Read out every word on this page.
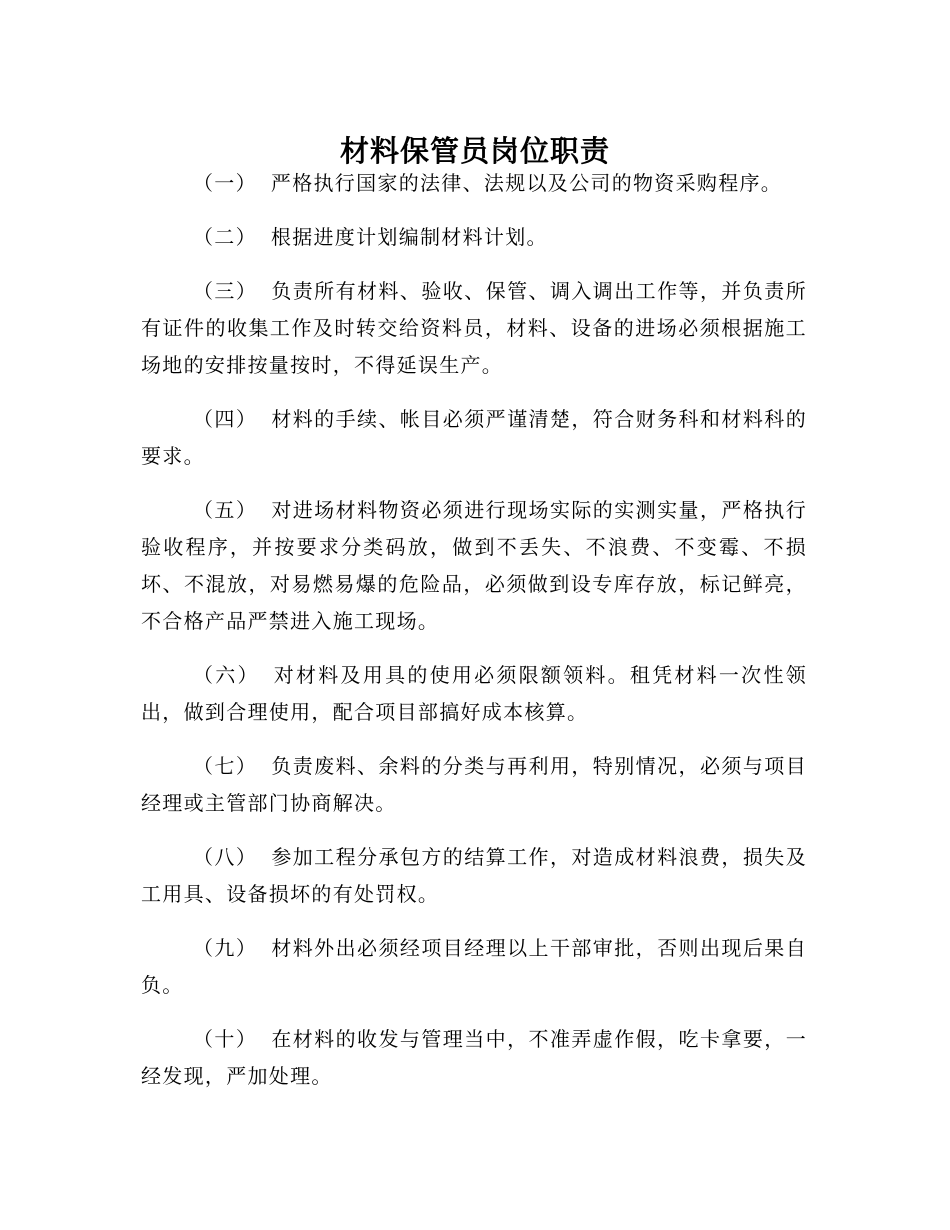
材料保管员岗位职责

（一） 严格执行国家的法律、法规以及公司的物资采购程序。

（二） 根据进度计划编制材料计划。

（三） 负责所有材料、验收、保管、调入调出工作等，并负责所有证件的收集工作及时转交给资料员，材料、设备的进场必须根据施工场地的安排按量按时，不得延误生产。

（四） 材料的手续、帐目必须严谨清楚，符合财务科和材料科的要求。

（五） 对进场材料物资必须进行现场实际的实测实量，严格执行验收程序，并按要求分类码放，做到不丢失、不浪费、不变霉、不损坏、不混放，对易燃易爆的危险品，必须做到设专库存放，标记鲜亮，不合格产品严禁进入施工现场。

（六） 对材料及用具的使用必须限额领料。租凭材料一次性领出，做到合理使用，配合项目部搞好成本核算。

（七） 负责废料、余料的分类与再利用，特别情况，必须与项目经理或主管部门协商解决。

（八） 参加工程分承包方的结算工作，对造成材料浪费，损失及工用具、设备损坏的有处罚权。

（九） 材料外出必须经项目经理以上干部审批，否则出现后果自负。

（十） 在材料的收发与管理当中，不准弄虚作假，吃卡拿要，一经发现，严加处理。
